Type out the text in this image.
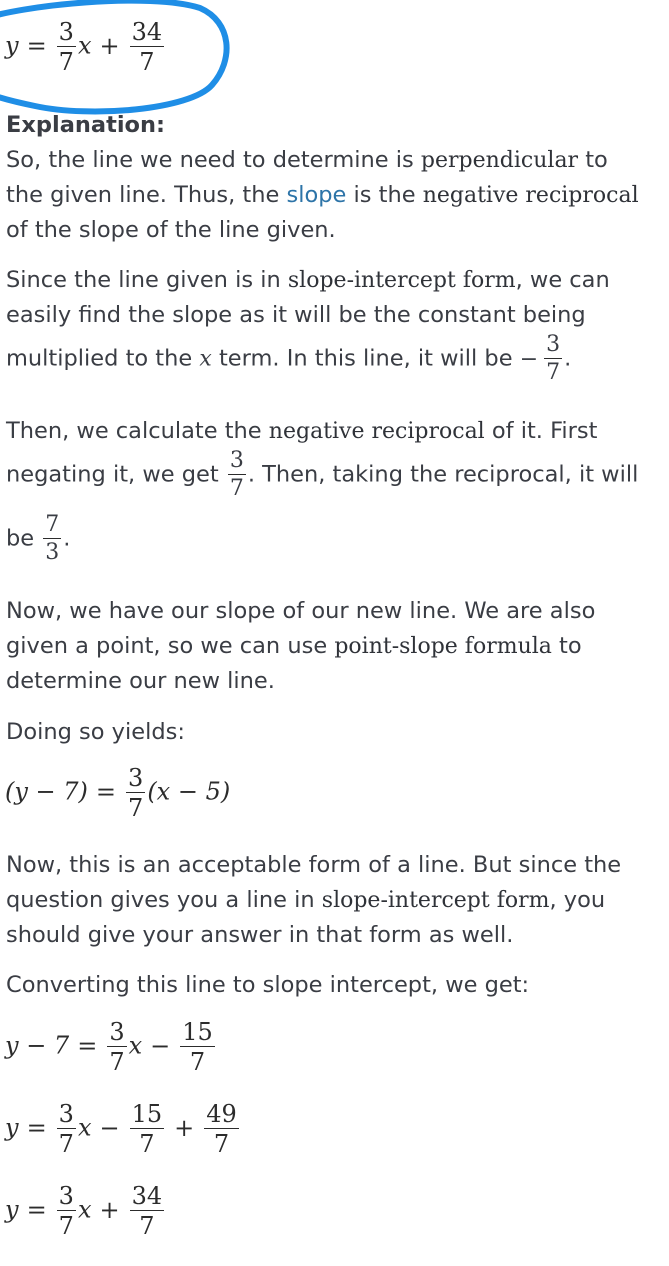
$y = \frac{3}{7}$ $x + \frac{34}{7}$
Explanation:
So, the line we need to determine is perpendicular to
the given line. Thus, the slope is the negative reciprocal
of the slope of the line given.
Since the line given is in slope-intercept form, we can
easily find the slope as it will be the constant being
multiplied to the x term. In this line, it will be − $\frac{3}{7}$ .
Then, we calculate the negative reciprocal of it. First
negating it, we get $\frac{3}{7}$ . Then, taking the reciprocal, it will
be $\frac{7}{3}$ .
Now, we have our slope of our new line. We are also
given a point, so we can use point-slope formula to
determine our new line.
Doing so yields:
$(y - 7) = \frac{3}{7} (x - 5)$
Now, this is an acceptable form of a line. But since the
question gives you a line in slope-intercept form, you
should give your answer in that form as well.
Converting this line to slope intercept, we get:
$y - 7 = \frac{3}{7}$ $x - \frac{15}{7}$
$y = \frac{3}{7}$ $x - \frac{15}{7} + \frac{49}{7}$
$y = \frac{3}{7}$ $x + \frac{34}{7}$
